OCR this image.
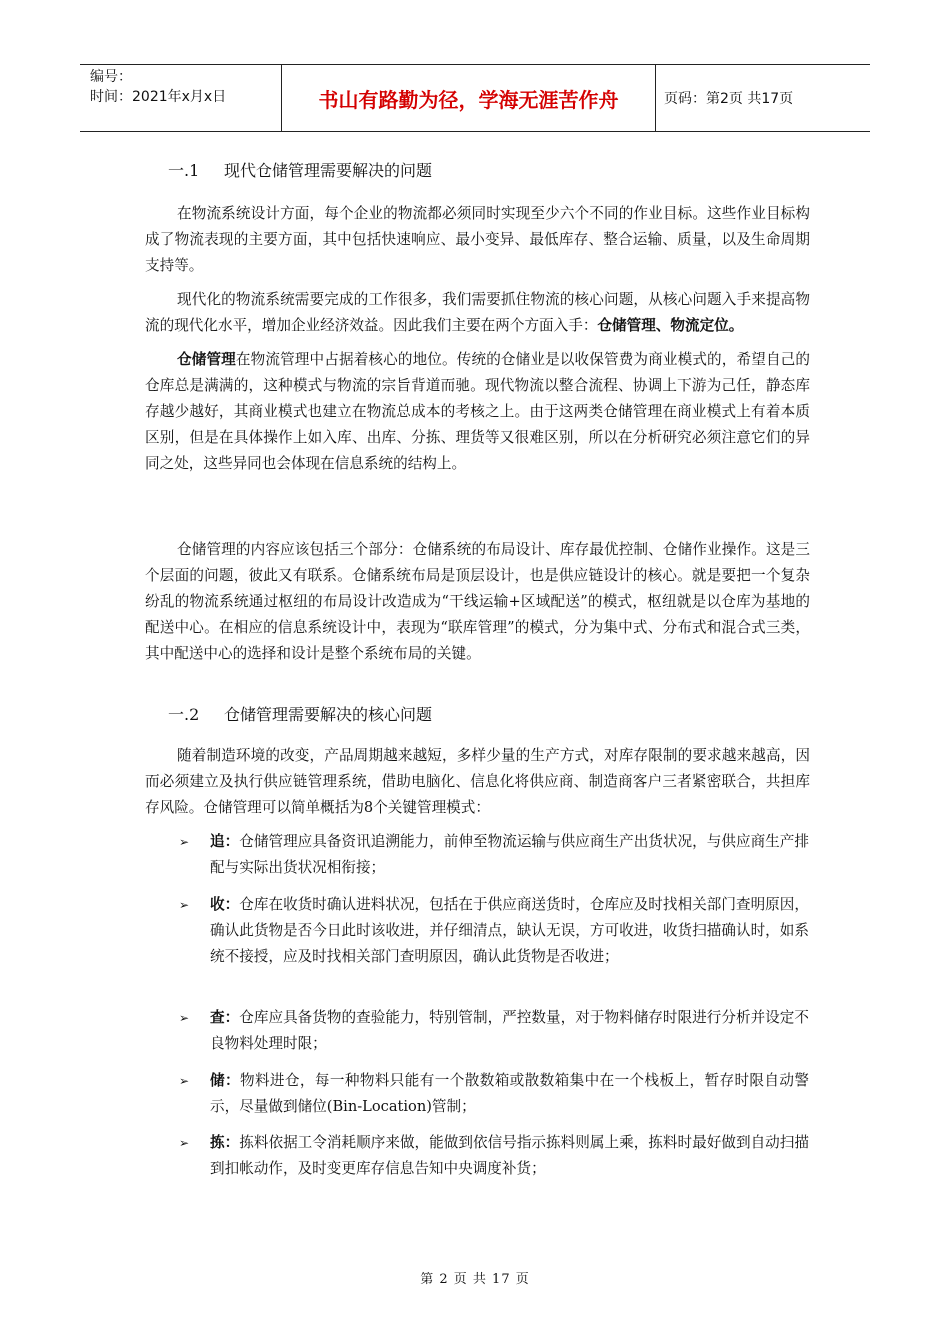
编号：
时间：2021年x月x日	书山有路勤为径，学海无涯苦作舟	页码：第2页 共17页
一.1 现代仓储管理需要解决的问题

在物流系统设计方面，每个企业的物流都必须同时实现至少六个不同的作业目标。这些作业目标构成了物流表现的主要方面，其中包括快速响应、最小变异、最低库存、整合运输、质量，以及生命周期支持等。

现代化的物流系统需要完成的工作很多，我们需要抓住物流的核心问题，从核心问题入手来提高物流的现代化水平，增加企业经济效益。因此我们主要在两个方面入手：仓储管理、物流定位。

仓储管理在物流管理中占据着核心的地位。传统的仓储业是以收保管费为商业模式的，希望自己的仓库总是满满的，这种模式与物流的宗旨背道而驰。现代物流以整合流程、协调上下游为己任，静态库存越少越好，其商业模式也建立在物流总成本的考核之上。由于这两类仓储管理在商业模式上有着本质区别，但是在具体操作上如入库、出库、分拣、理货等又很难区别，所以在分析研究必须注意它们的异同之处，这些异同也会体现在信息系统的结构上。

仓储管理的内容应该包括三个部分：仓储系统的布局设计、库存最优控制、仓储作业操作。这是三个层面的问题，彼此又有联系。仓储系统布局是顶层设计，也是供应链设计的核心。就是要把一个复杂纷乱的物流系统通过枢纽的布局设计改造成为“干线运输+区域配送”的模式，枢纽就是以仓库为基地的配送中心。在相应的信息系统设计中，表现为“联库管理”的模式，分为集中式、分布式和混合式三类，其中配送中心的选择和设计是整个系统布局的关键。

一.2 仓储管理需要解决的核心问题

随着制造环境的改变，产品周期越来越短，多样少量的生产方式，对库存限制的要求越来越高，因而必须建立及执行供应链管理系统，借助电脑化、信息化将供应商、制造商客户三者紧密联合，共担库存风险。仓储管理可以简单概括为8个关键管理模式：

➢ 追：仓储管理应具备资讯追溯能力，前伸至物流运输与供应商生产出货状况，与供应商生产排配与实际出货状况相衔接；
➢ 收：仓库在收货时确认进料状况，包括在于供应商送货时，仓库应及时找相关部门查明原因，确认此货物是否今日此时该收进，并仔细清点，缺认无误，方可收进，收货扫描确认时，如系统不接授，应及时找相关部门查明原因，确认此货物是否收进；
➢ 查：仓库应具备货物的查验能力，特别管制，严控数量，对于物料储存时限进行分析并设定不良物料处理时限；
➢ 储：物料进仓，每一种物料只能有一个散数箱或散数箱集中在一个栈板上，暂存时限自动警示，尽量做到储位(Bin-Location)管制；
➢ 拣：拣料依据工令消耗顺序来做，能做到依信号指示拣料则属上乘，拣料时最好做到自动扫描到扣帐动作，及时变更库存信息告知中央调度补货；
第 2 页 共 17 页
